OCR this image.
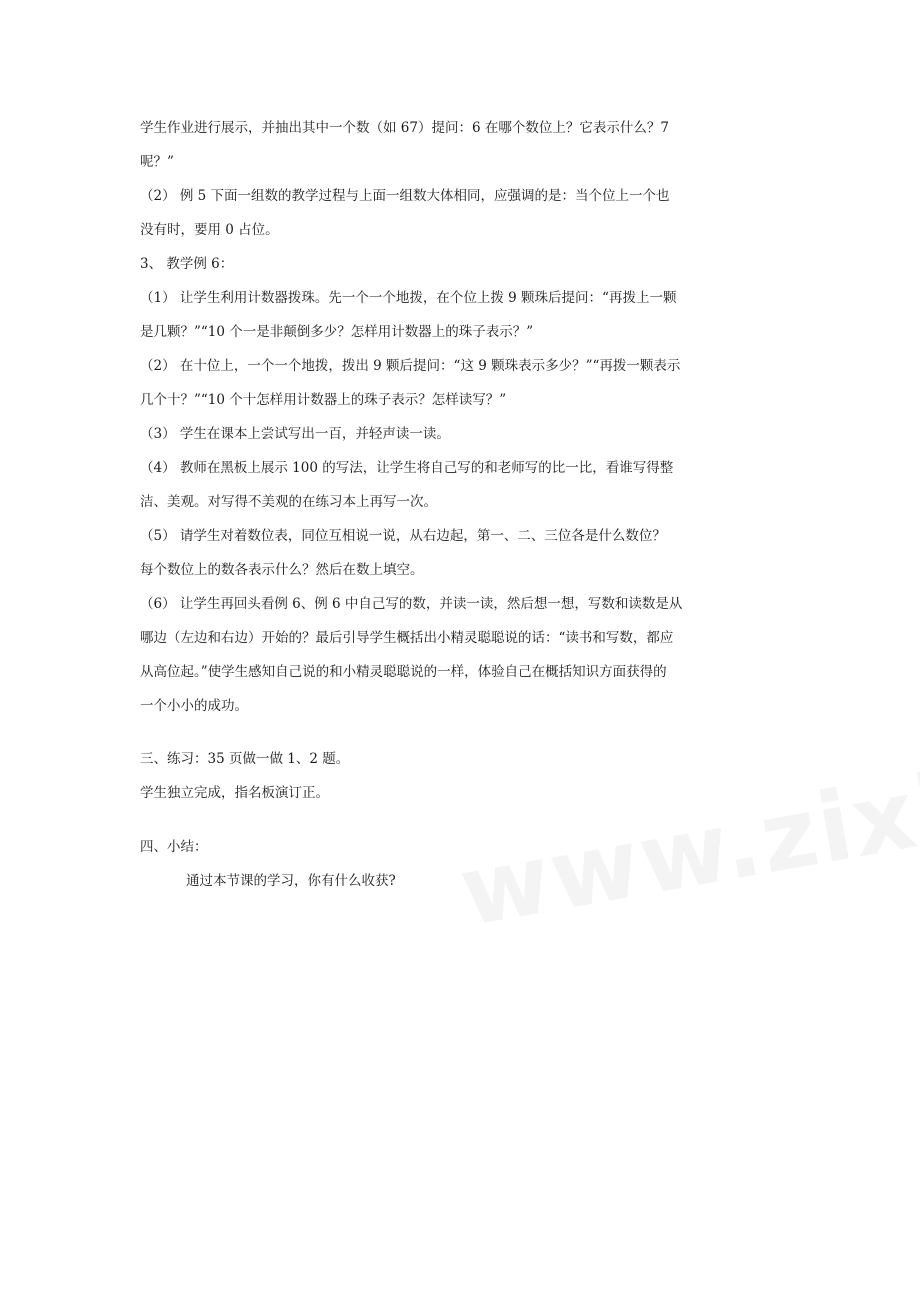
学生作业进行展示，并抽出其中一个数（如 67）提问：6 在哪个数位上？它表示什么？7
呢？”
（2） 例 5 下面一组数的教学过程与上面一组数大体相同，应强调的是：当个位上一个也
没有时，要用 0 占位。
3、 教学例 6：
（1） 让学生利用计数器拨珠。先一个一个地拨，在个位上拨 9 颗珠后提问：“再拨上一颗
是几颗？”“10 个一是非颠倒多少？怎样用计数器上的珠子表示？”
（2） 在十位上，一个一个地拨，拨出 9 颗后提问：“这 9 颗珠表示多少？”“再拨一颗表示
几个十？”“10 个十怎样用计数器上的珠子表示？怎样读写？”
（3） 学生在课本上尝试写出一百，并轻声读一读。
（4） 教师在黑板上展示 100 的写法，让学生将自己写的和老师写的比一比，看谁写得整
洁、美观。对写得不美观的在练习本上再写一次。
（5） 请学生对着数位表，同位互相说一说，从右边起，第一、二、三位各是什么数位？
每个数位上的数各表示什么？然后在数上填空。
（6） 让学生再回头看例 6、例 6 中自己写的数，并读一读，然后想一想，写数和读数是从
哪边（左边和右边）开始的？最后引导学生概括出小精灵聪聪说的话：“读书和写数，都应
从高位起。”使学生感知自己说的和小精灵聪聪说的一样，体验自己在概括知识方面获得的
一个小小的成功。
三、练习：35 页做一做 1、2 题。
学生独立完成，指名板演订正。
四、小结：
通过本节课的学习，你有什么收获?
